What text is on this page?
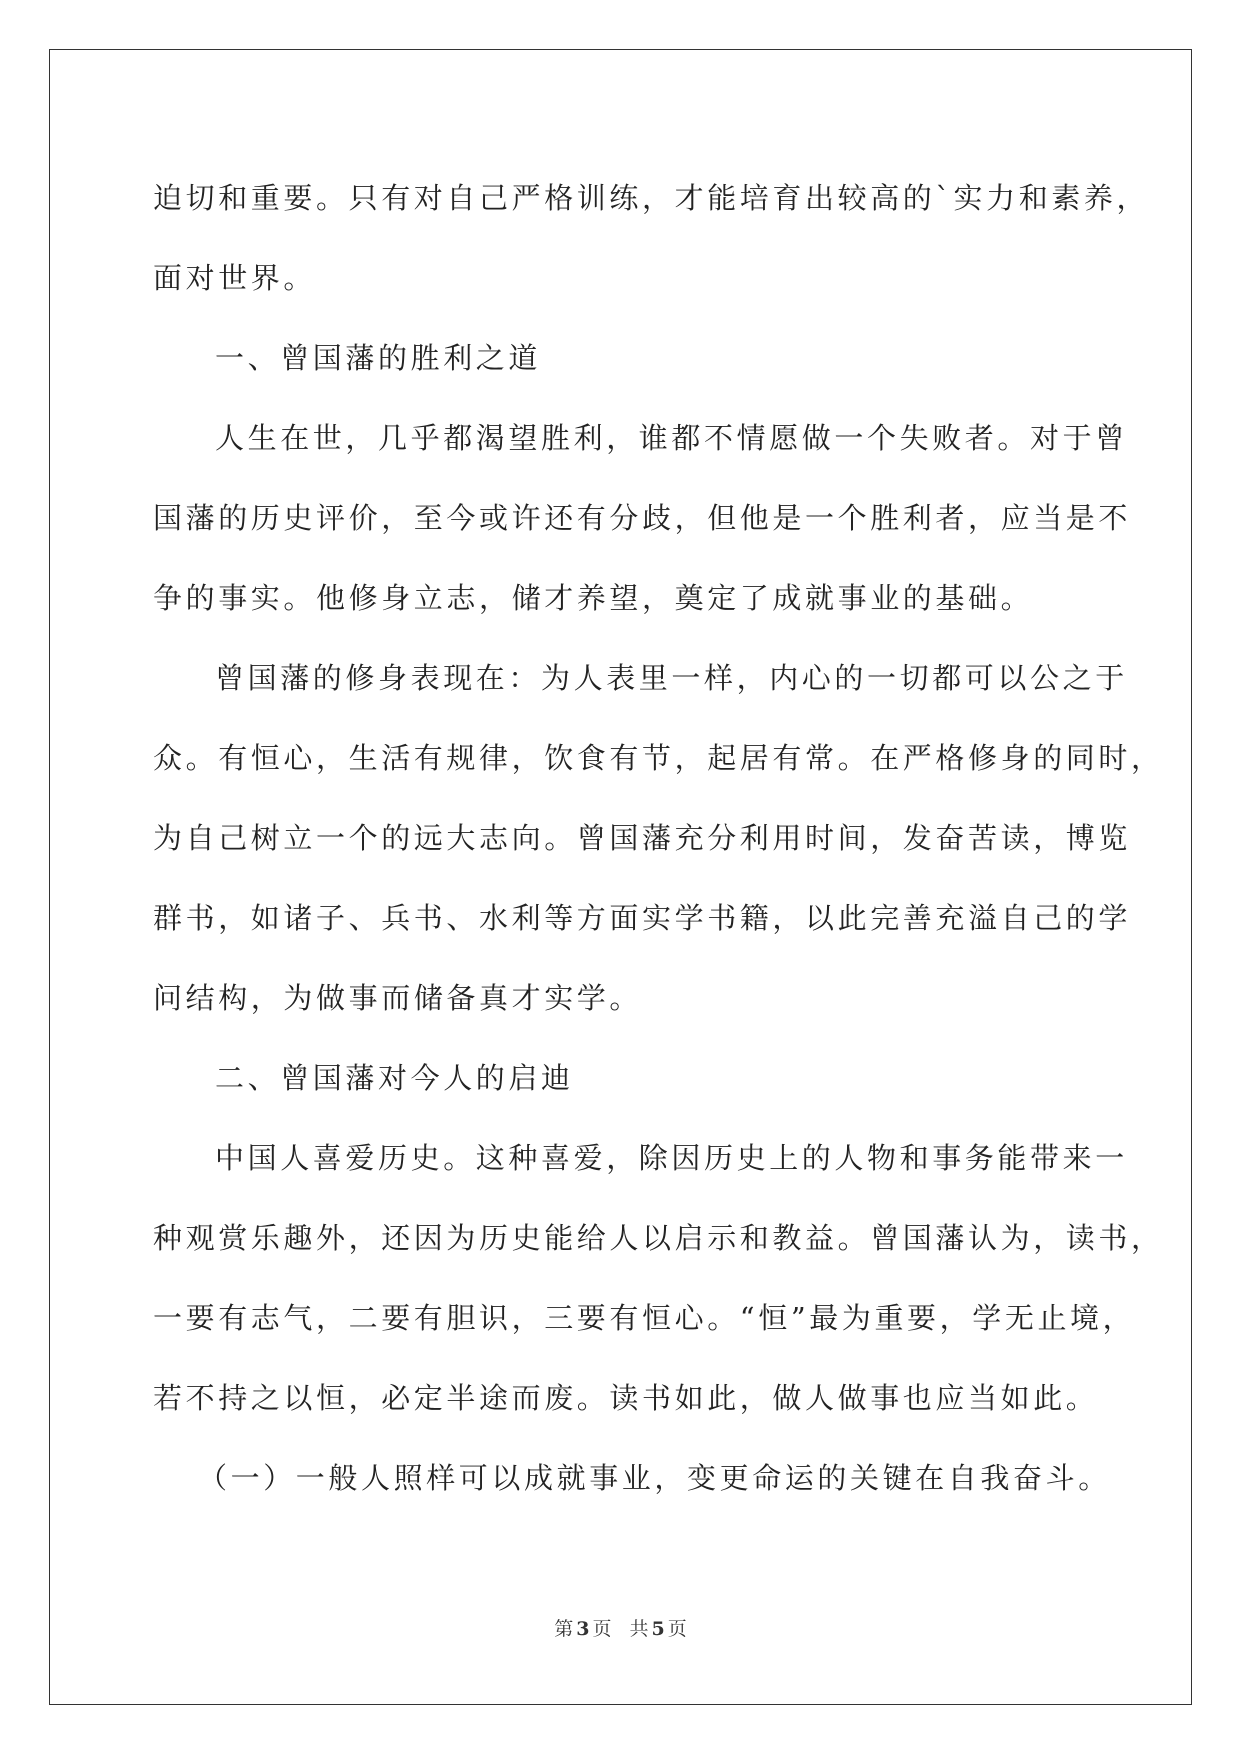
迫切和重要。只有对自己严格训练，才能培育出较高的`实力和素养，
面对世界。
一、曾国藩的胜利之道
人生在世，几乎都渴望胜利，谁都不情愿做一个失败者。对于曾
国藩的历史评价，至今或许还有分歧，但他是一个胜利者，应当是不
争的事实。他修身立志，储才养望，奠定了成就事业的基础。
曾国藩的修身表现在：为人表里一样，内心的一切都可以公之于
众。有恒心，生活有规律，饮食有节，起居有常。在严格修身的同时，
为自己树立一个的远大志向。曾国藩充分利用时间，发奋苦读，博览
群书，如诸子、兵书、水利等方面实学书籍，以此完善充溢自己的学
问结构，为做事而储备真才实学。
二、曾国藩对今人的启迪
中国人喜爱历史。这种喜爱，除因历史上的人物和事务能带来一
种观赏乐趣外，还因为历史能给人以启示和教益。曾国藩认为，读书，
一要有志气，二要有胆识，三要有恒心。“恒”最为重要，学无止境，
若不持之以恒，必定半途而废。读书如此，做人做事也应当如此。
（一）一般人照样可以成就事业，变更命运的关键在自我奋斗。
第 3 页 共 5 页
